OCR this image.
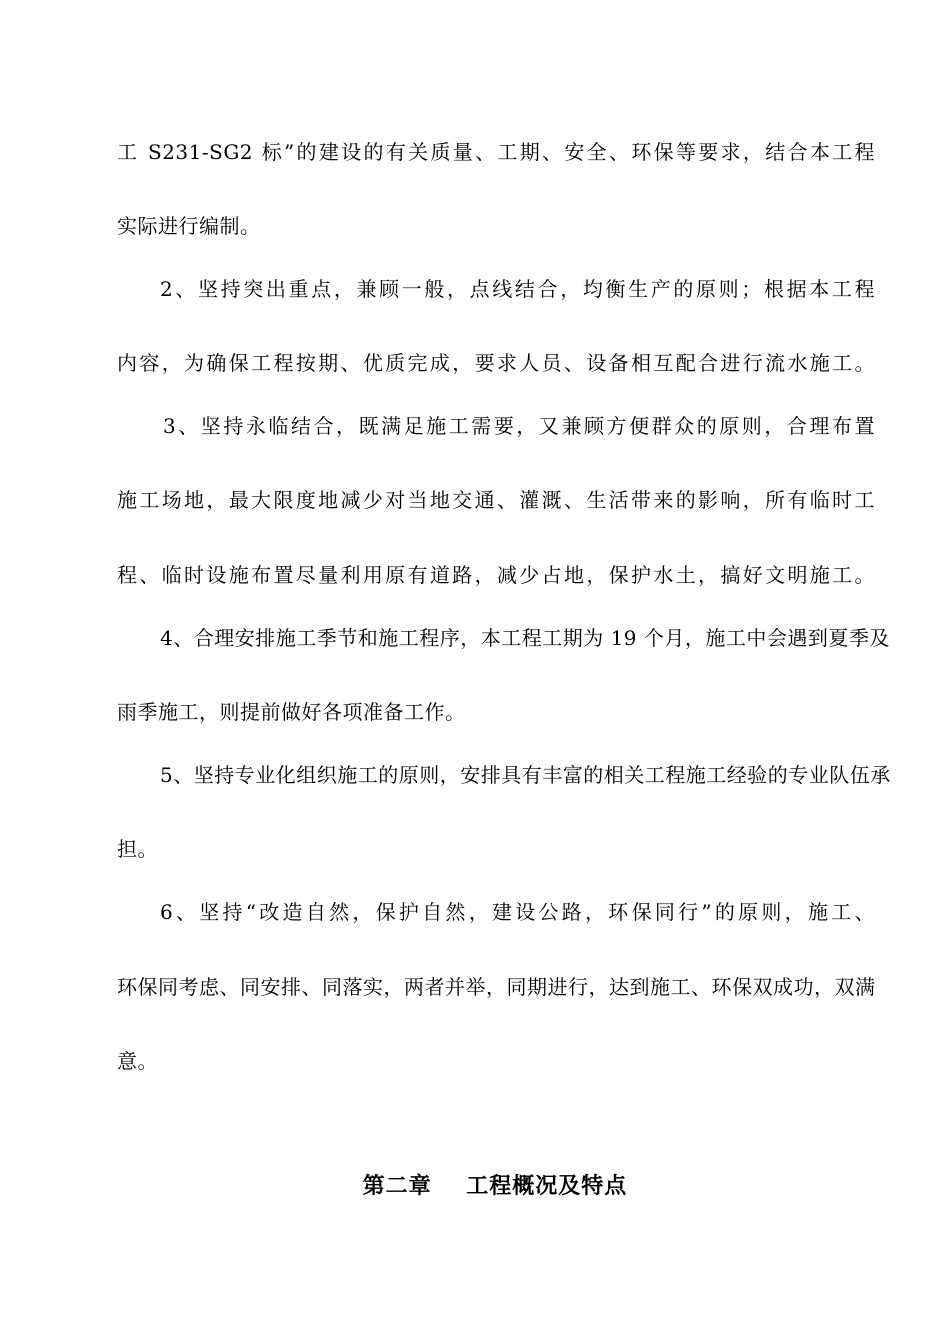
工 S231-SG2 标”的建设的有关质量、工期、安全、环保等要求，结合本工程
实际进行编制。
2、坚持突出重点，兼顾一般，点线结合，均衡生产的原则；根据本工程
内容，为确保工程按期、优质完成，要求人员、设备相互配合进行流水施工。
3、坚持永临结合，既满足施工需要，又兼顾方便群众的原则，合理布置
施工场地，最大限度地减少对当地交通、灌溉、生活带来的影响，所有临时工
程、临时设施布置尽量利用原有道路，减少占地，保护水土，搞好文明施工。
4、合理安排施工季节和施工程序，本工程工期为 19 个月，施工中会遇到夏季及
雨季施工，则提前做好各项准备工作。
5、坚持专业化组织施工的原则，安排具有丰富的相关工程施工经验的专业队伍承
担。
6、坚持“改造自然，保护自然，建设公路，环保同行”的原则，施工、
环保同考虑、同安排、同落实，两者并举，同期进行，达到施工、环保双成功，双满
意。
第二章    工程概况及特点
